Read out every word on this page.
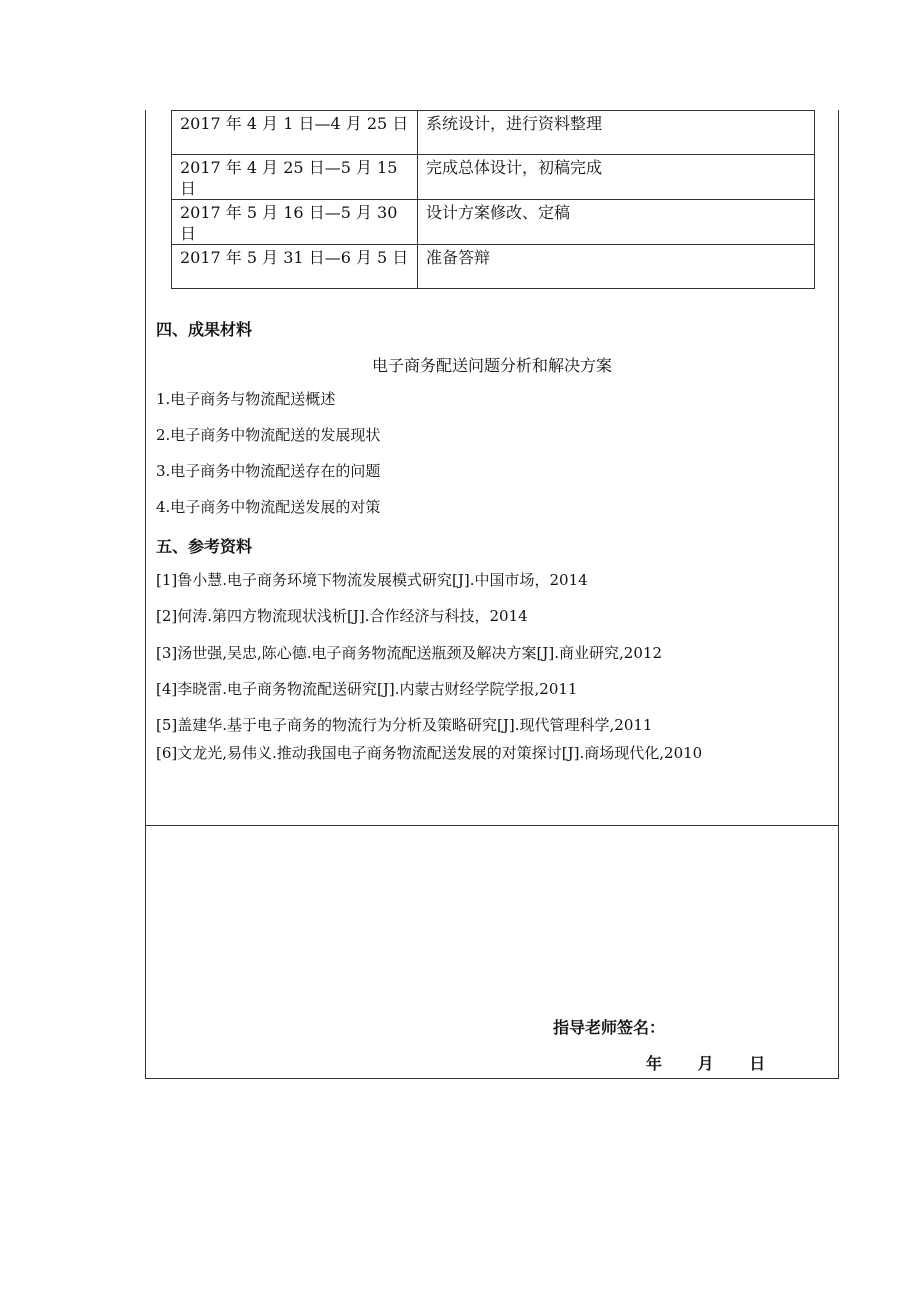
2017 年 4 月 1 日—4 月 25 日	系统设计，进行资料整理
2017 年 4 月 25 日—5 月 15 日	完成总体设计，初稿完成
2017 年 5 月 16 日—5 月 30 日	设计方案修改、定稿
2017 年 5 月 31 日—6 月 5 日	准备答辩
四、成果材料
电子商务配送问题分析和解决方案
1.电子商务与物流配送概述
2.电子商务中物流配送的发展现状
3.电子商务中物流配送存在的问题
4.电子商务中物流配送发展的对策
五、参考资料
[1]鲁小慧.电子商务环境下物流发展模式研究[J].中国市场，2014
[2]何涛.第四方物流现状浅析[J].合作经济与科技，2014
[3]汤世强,吴忠,陈心德.电子商务物流配送瓶颈及解决方案[J].商业研究,2012
[4]李晓雷.电子商务物流配送研究[J].内蒙古财经学院学报,2011
[5]盖建华.基于电子商务的物流行为分析及策略研究[J].现代管理科学,2011
[6]文龙光,易伟义.推动我国电子商务物流配送发展的对策探讨[J].商场现代化,2010
指导老师签名：
年 月 日
